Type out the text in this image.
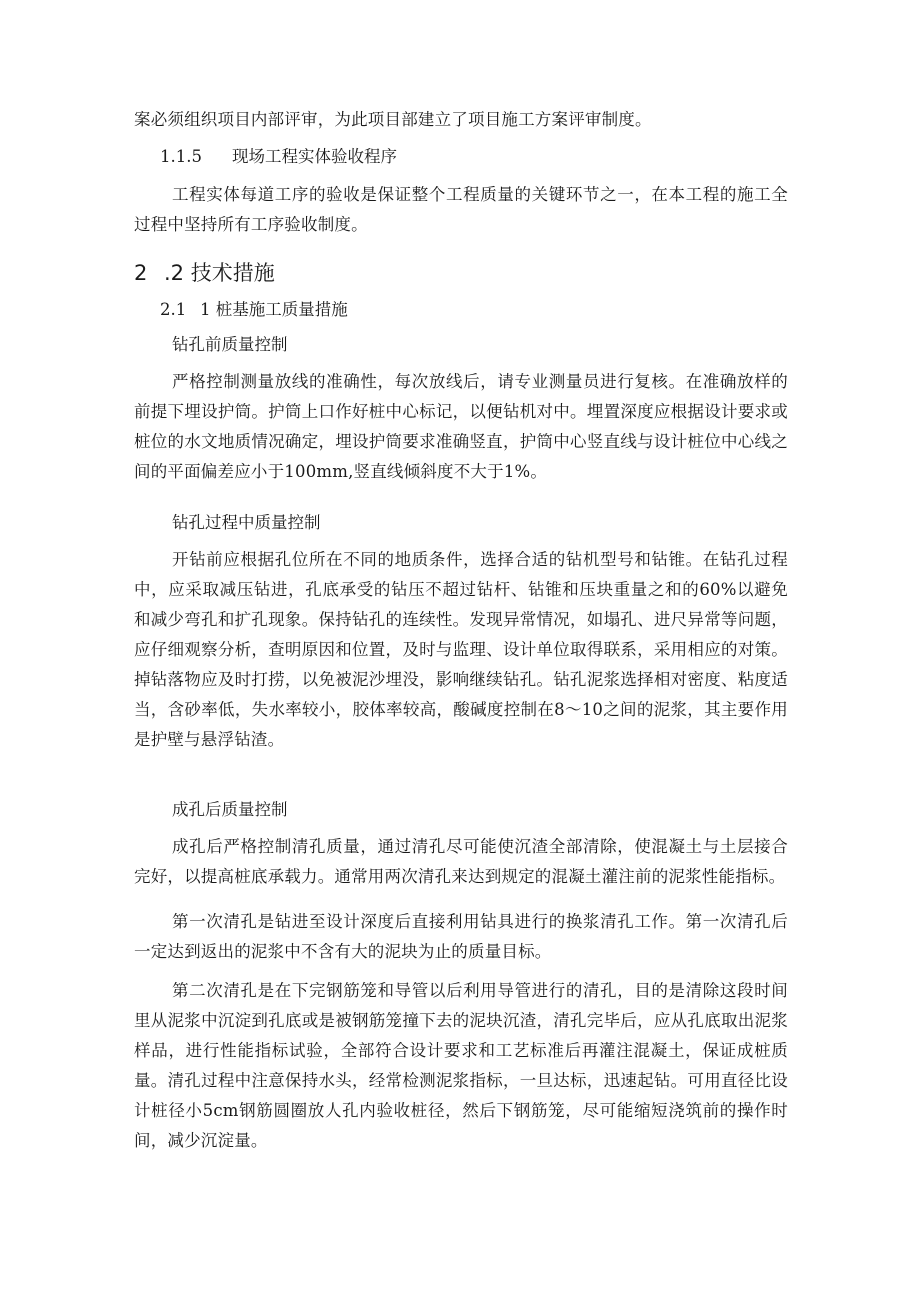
案必须组织项目内部评审，为此项目部建立了项目施工方案评审制度。

1.1.5 现场工程实体验收程序

工程实体每道工序的验收是保证整个工程质量的关键环节之一，在本工程的施工全过程中坚持所有工序验收制度。

2 .2 技术措施
2.1 1 桩基施工质量措施
钻孔前质量控制

严格控制测量放线的准确性，每次放线后，请专业测量员进行复核。在准确放样的前提下埋设护筒。护筒上口作好桩中心标记，以便钻机对中。埋置深度应根据设计要求或桩位的水文地质情况确定，埋设护筒要求准确竖直，护筒中心竖直线与设计桩位中心线之间的平面偏差应小于100mm,竖直线倾斜度不大于1%。

钻孔过程中质量控制

开钻前应根据孔位所在不同的地质条件，选择合适的钻机型号和钻锥。在钻孔过程中，应采取减压钻进，孔底承受的钻压不超过钻杆、钻锥和压块重量之和的60%以避免和减少弯孔和扩孔现象。保持钻孔的连续性。发现异常情况，如塌孔、进尺异常等问题，应仔细观察分析，查明原因和位置，及时与监理、设计单位取得联系，采用相应的对策。掉钻落物应及时打捞，以免被泥沙埋没，影响继续钻孔。钻孔泥浆选择相对密度、粘度适当，含砂率低，失水率较小，胶体率较高，酸碱度控制在8～10之间的泥浆，其主要作用是护壁与悬浮钻渣。

成孔后质量控制

成孔后严格控制清孔质量，通过清孔尽可能使沉渣全部清除，使混凝土与土层接合完好，以提高桩底承载力。通常用两次清孔来达到规定的混凝土灌注前的泥浆性能指标。

第一次清孔是钻进至设计深度后直接利用钻具进行的换浆清孔工作。第一次清孔后一定达到返出的泥浆中不含有大的泥块为止的质量目标。

第二次清孔是在下完钢筋笼和导管以后利用导管进行的清孔，目的是清除这段时间里从泥浆中沉淀到孔底或是被钢筋笼撞下去的泥块沉渣，清孔完毕后，应从孔底取出泥浆样品，进行性能指标试验，全部符合设计要求和工艺标准后再灌注混凝土，保证成桩质量。清孔过程中注意保持水头，经常检测泥浆指标，一旦达标，迅速起钻。可用直径比设计桩径小5cm钢筋圆圈放人孔内验收桩径，然后下钢筋笼，尽可能缩短浇筑前的操作时间，减少沉淀量。
